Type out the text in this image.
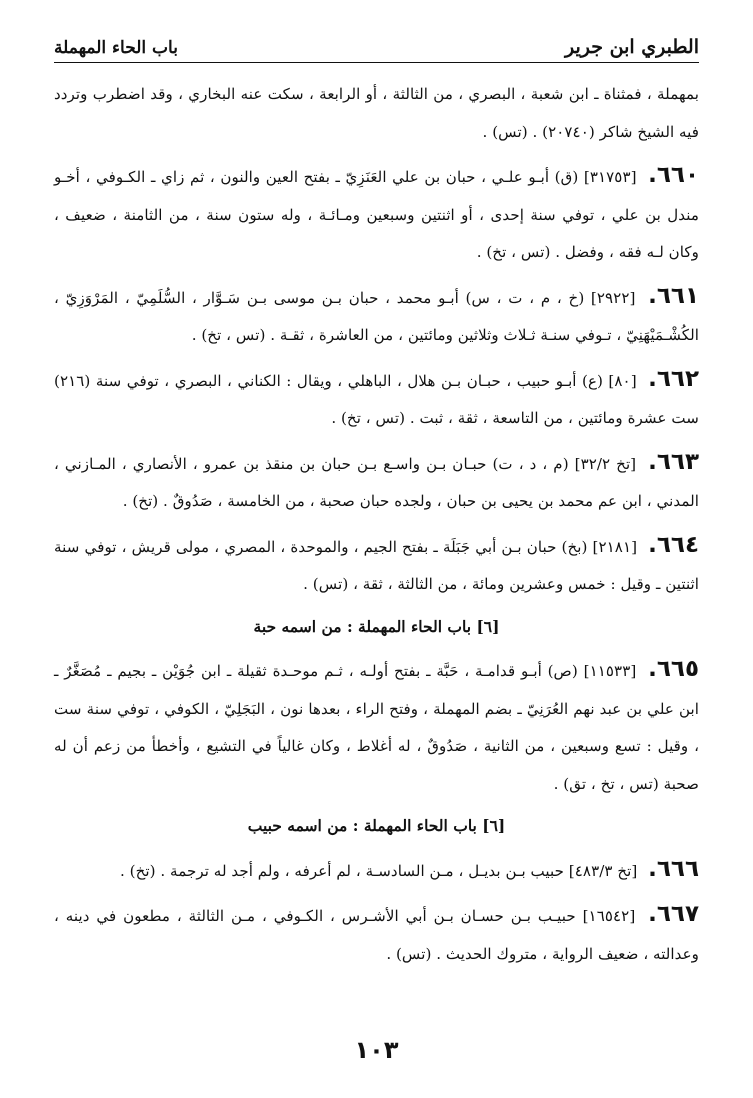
الطبري ابن جرير
باب الحاء المهملة

بمهملة ، فمثناة ـ ابن شعبة ، البصري ، من الثالثة ، أو الرابعة ، سكت عنه البخاري ، وقد اضطرب وتردد فيه الشيخ شاكر (٢٠٧٤٠) . (تس) .

٦٦٠. [٣١٧٥٣] (ق) أبـو علـي ، حبان بن علي العَنَزِيّ ـ بفتح العين والنون ، ثم زاي ـ الكـوفي ، أخـو مندل بن علي ، توفي سنة إحدى ، أو اثنتين وسبعين ومـائـة ، وله ستون سنة ، من الثامنة ، ضعيف ، وكان لـه فقه ، وفضل . (تس ، تخ) .

٦٦١. [٢٩٢٢] (خ ، م ، ت ، س) أبـو محمد ، حبان بـن موسى بـن سَـوَّار ، السُّلَمِيّ ، المَرْوَزِيّ ، الكُشْـمَيْهَنِيّ ، تـوفي سنـة ثـلاث وثلاثين ومائتين ، من العاشرة ، ثقـة . (تس ، تخ) .

٦٦٢. [٨٠] (ع) أبـو حبيب ، حبـان بـن هلال ، الباهلي ، ويقال : الكناني ، البصري ، توفي سنة (٢١٦) ست عشرة ومائتين ، من التاسعة ، ثقة ، ثبت . (تس ، تخ) .

٦٦٣. [تخ ٣٢/٢] (م ، د ، ت) حبـان بـن واسـع بـن حبان بن منقذ بن عمرو ، الأنصاري ، المـازني ، المدني ، ابن عم محمد بن يحيى بن حبان ، ولجده حبان صحبة ، من الخامسة ، صَدُوقٌ . (تخ) .

٦٦٤. [٢١٨١] (بخ) حبان بـن أبي جَبَلَة ـ بفتح الجيم ، والموحدة ، المصري ، مولى قريش ، توفي سنة اثنتين ـ وقيل : خمس وعشرين ومائة ، من الثالثة ، ثقة ، (تس) .

[٦] باب الحاء المهملة : من اسمه حبة

٦٦٥. [١١٥٣٣] (ص) أبـو قدامـة ، حَبَّة ـ بفتح أولـه ، ثـم موحـدة ثقيلة ـ ابن جُوَيْن ـ بجيم ـ مُصَغَّرٌ ـ ابن علي بن عبد نهم العُرَنِيّ ـ بضم المهملة ، وفتح الراء ، بعدها نون ، البَجَلِيّ ، الكوفي ، توفي سنة ست ، وقيل : تسع وسبعين ، من الثانية ، صَدُوقٌ ، له أغلاط ، وكان غالياً في التشيع ، وأخطأ من زعم أن له صحبة (تس ، تخ ، تق) .

[٦] باب الحاء المهملة : من اسمه حبيب

٦٦٦. [تخ ٤٨٣/٣] حبيب بـن بديـل ، مـن السادسـة ، لم أعرفه ، ولم أجد له ترجمة . (تخ) .

٦٦٧. [١٦٥٤٢] حبيـب بـن حسـان بـن أبي الأشـرس ، الكـوفي ، مـن الثالثة ، مطعون في دينه ، وعدالته ، ضعيف الرواية ، متروك الحديث . (تس) .

١٠٣
